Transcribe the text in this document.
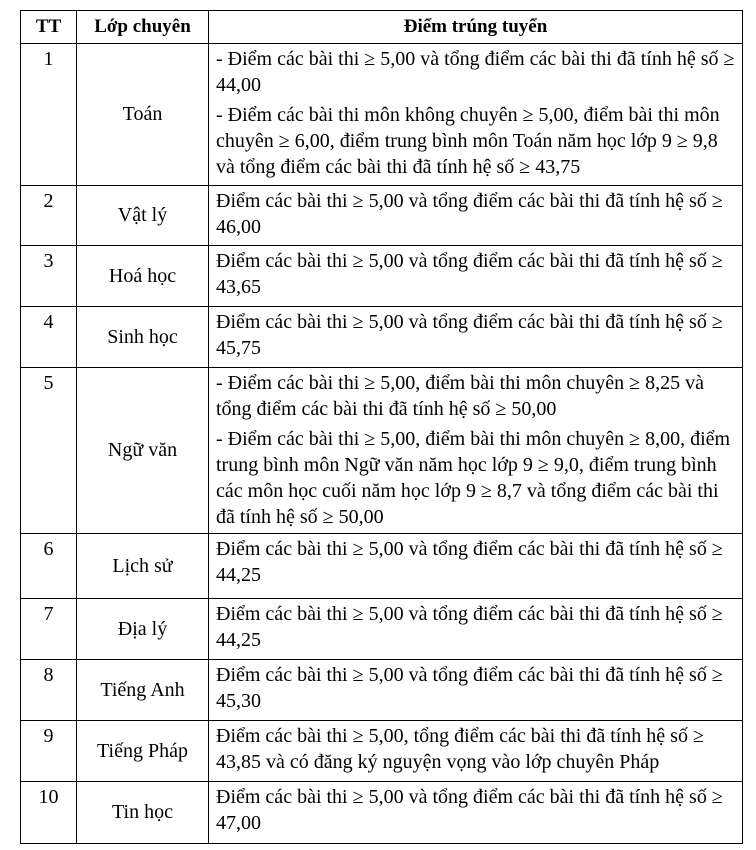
TT	Lớp chuyên	Điểm trúng tuyển
1	Toán	- Điểm các bài thi ≥ 5,00 và tổng điểm các bài thi đã tính hệ số ≥ 44,00

- Điểm các bài thi môn không chuyên ≥ 5,00, điểm bài thi môn chuyên ≥ 6,00, điểm trung bình môn Toán năm học lớp 9 ≥ 9,8 và tổng điểm các bài thi đã tính hệ số ≥ 43,75

2	Vật lý	Điểm các bài thi ≥ 5,00 và tổng điểm các bài thi đã tính hệ số ≥ 46,00

3	Hoá học	Điểm các bài thi ≥ 5,00 và tổng điểm các bài thi đã tính hệ số ≥ 43,65

4	Sinh học	Điểm các bài thi ≥ 5,00 và tổng điểm các bài thi đã tính hệ số ≥ 45,75

5	Ngữ văn	- Điểm các bài thi ≥ 5,00, điểm bài thi môn chuyên ≥ 8,25 và tổng điểm các bài thi đã tính hệ số ≥ 50,00

- Điểm các bài thi ≥ 5,00, điểm bài thi môn chuyên ≥ 8,00, điểm trung bình môn Ngữ văn năm học lớp 9 ≥ 9,0, điểm trung bình các môn học cuối năm học lớp 9 ≥ 8,7 và tổng điểm các bài thi đã tính hệ số ≥ 50,00

6	Lịch sử	Điểm các bài thi ≥ 5,00 và tổng điểm các bài thi đã tính hệ số ≥ 44,25

7	Địa lý	Điểm các bài thi ≥ 5,00 và tổng điểm các bài thi đã tính hệ số ≥ 44,25

8	Tiếng Anh	Điểm các bài thi ≥ 5,00 và tổng điểm các bài thi đã tính hệ số ≥ 45,30

9	Tiếng Pháp	Điểm các bài thi ≥ 5,00, tổng điểm các bài thi đã tính hệ số ≥ 43,85 và có đăng ký nguyện vọng vào lớp chuyên Pháp

10	Tin học	Điểm các bài thi ≥ 5,00 và tổng điểm các bài thi đã tính hệ số ≥ 47,00
